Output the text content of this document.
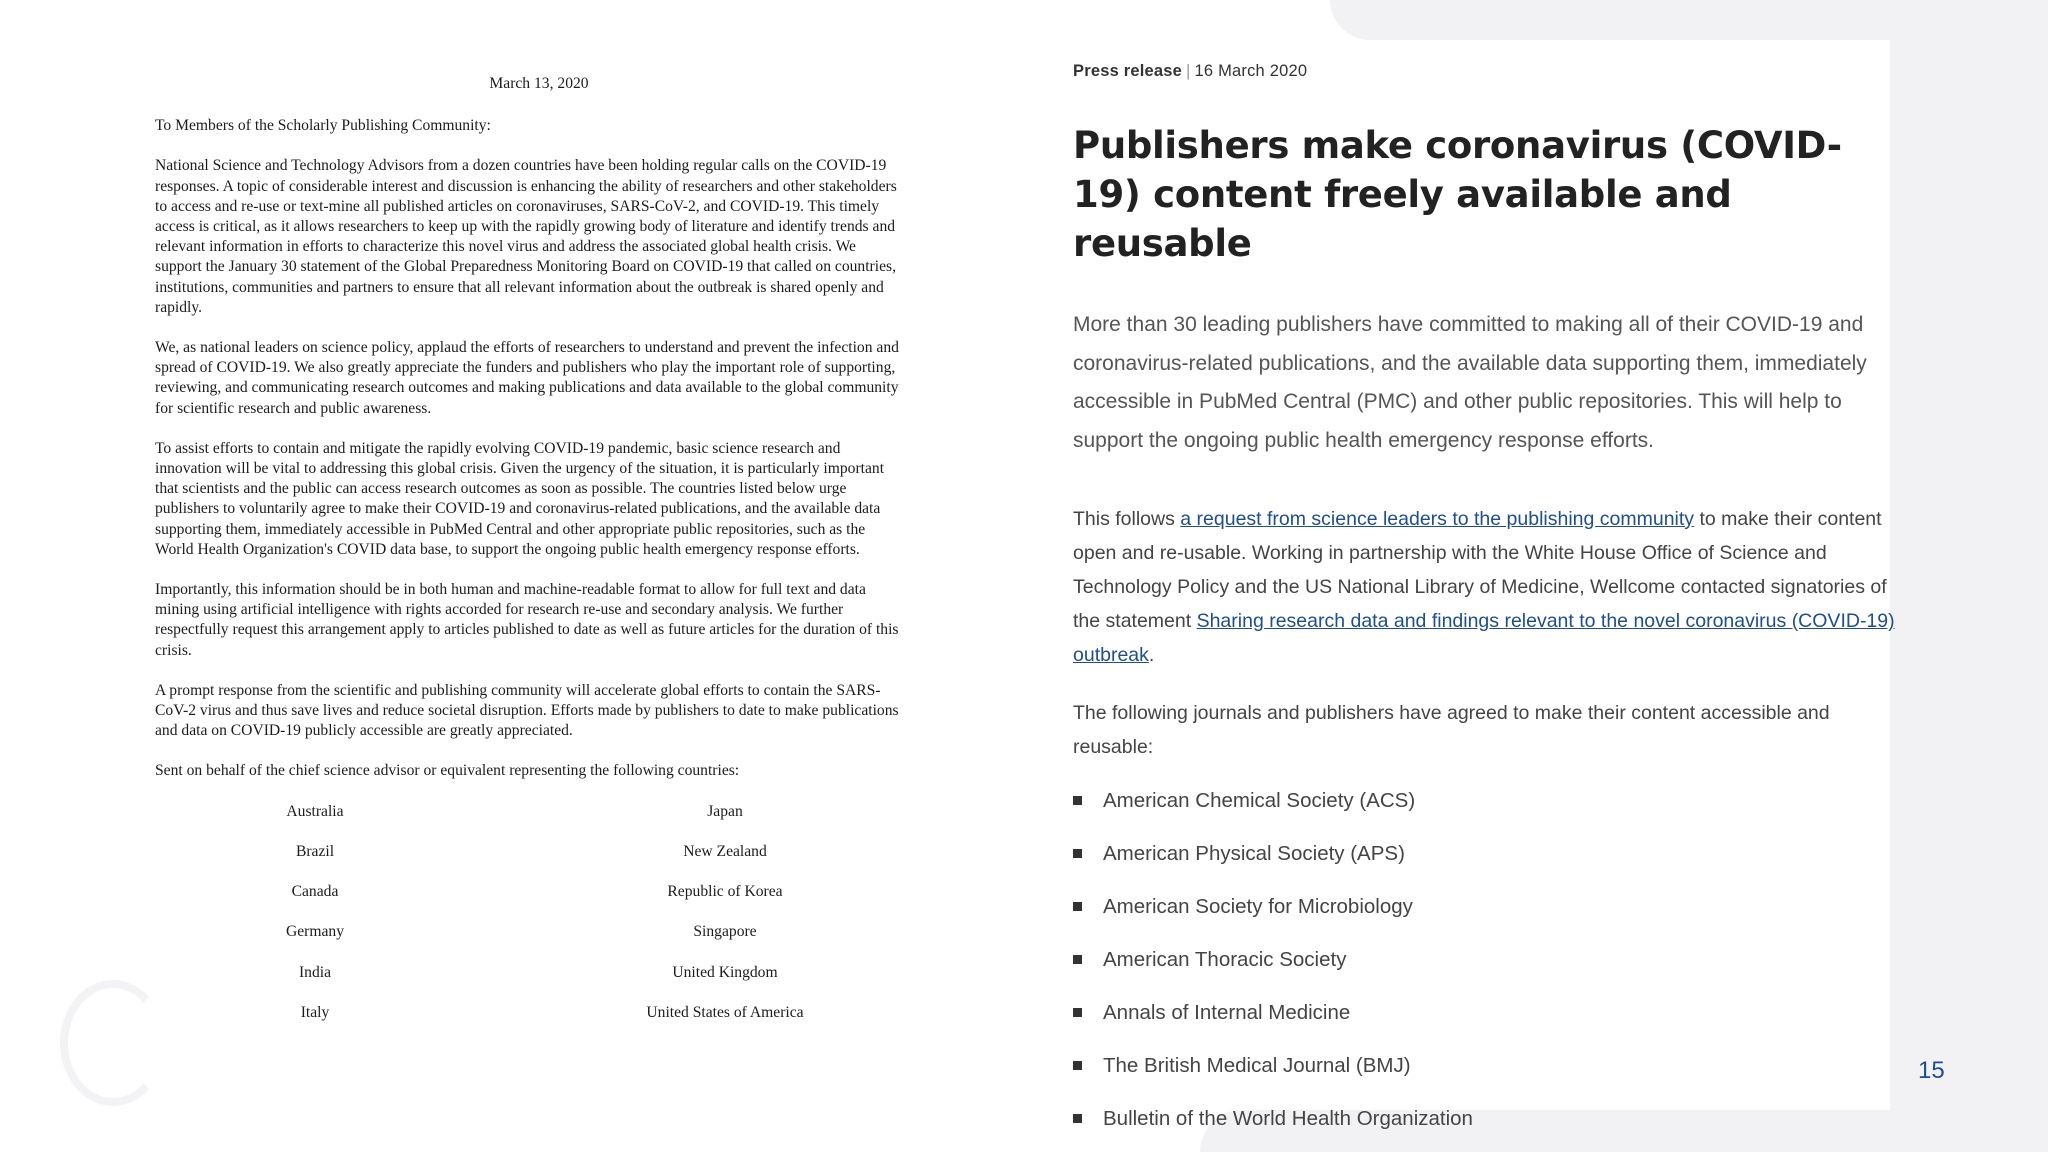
March 13, 2020

To Members of the Scholarly Publishing Community:

National Science and Technology Advisors from a dozen countries have been holding regular calls on the COVID-19 responses. A topic of considerable interest and discussion is enhancing the ability of researchers and other stakeholders to access and re-use or text-mine all published articles on coronaviruses, SARS-CoV-2, and COVID-19. This timely access is critical, as it allows researchers to keep up with the rapidly growing body of literature and identify trends and relevant information in efforts to characterize this novel virus and address the associated global health crisis. We support the January 30 statement of the Global Preparedness Monitoring Board on COVID-19 that called on countries, institutions, communities and partners to ensure that all relevant information about the outbreak is shared openly and rapidly.

We, as national leaders on science policy, applaud the efforts of researchers to understand and prevent the infection and spread of COVID-19. We also greatly appreciate the funders and publishers who play the important role of supporting, reviewing, and communicating research outcomes and making publications and data available to the global community for scientific research and public awareness.

To assist efforts to contain and mitigate the rapidly evolving COVID-19 pandemic, basic science research and innovation will be vital to addressing this global crisis. Given the urgency of the situation, it is particularly important that scientists and the public can access research outcomes as soon as possible. The countries listed below urge publishers to voluntarily agree to make their COVID-19 and coronavirus-related publications, and the available data supporting them, immediately accessible in PubMed Central and other appropriate public repositories, such as the World Health Organization's COVID data base, to support the ongoing public health emergency response efforts.

Importantly, this information should be in both human and machine-readable format to allow for full text and data mining using artificial intelligence with rights accorded for research re-use and secondary analysis. We further respectfully request this arrangement apply to articles published to date as well as future articles for the duration of this crisis.

A prompt response from the scientific and publishing community will accelerate global efforts to contain the SARS-CoV-2 virus and thus save lives and reduce societal disruption. Efforts made by publishers to date to make publications and data on COVID-19 publicly accessible are greatly appreciated.

Sent on behalf of the chief science advisor or equivalent representing the following countries:

Australia	Japan
Brazil	New Zealand
Canada	Republic of Korea
Germany	Singapore
India	United Kingdom
Italy	United States of America
Press release | 16 March 2020
Publishers make coronavirus (COVID-19) content freely available and reusable

More than 30 leading publishers have committed to making all of their COVID-19 and coronavirus-related publications, and the available data supporting them, immediately accessible in PubMed Central (PMC) and other public repositories. This will help to support the ongoing public health emergency response efforts.

This follows a request from science leaders to the publishing community to make their content open and re-usable. Working in partnership with the White House Office of Science and Technology Policy and the US National Library of Medicine, Wellcome contacted signatories of the statement Sharing research data and findings relevant to the novel coronavirus (COVID-19) outbreak.

The following journals and publishers have agreed to make their content accessible and reusable:

American Chemical Society (ACS)
American Physical Society (APS)
American Society for Microbiology
American Thoracic Society
Annals of Internal Medicine
The British Medical Journal (BMJ)
Bulletin of the World Health Organization
15
